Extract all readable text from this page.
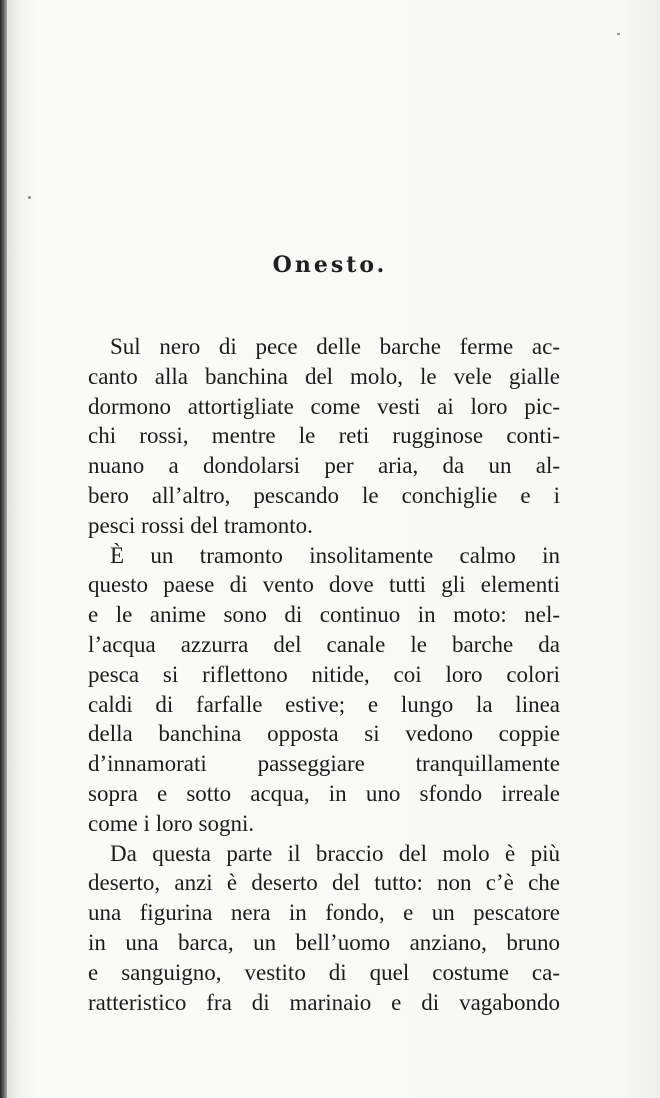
Onesto.
Sul nero di pece delle barche ferme ac-
canto alla banchina del molo, le vele gialle
dormono attortigliate come vesti ai loro pic-
chi rossi, mentre le reti rugginose conti-
nuano a dondolarsi per aria, da un al-
bero all’altro, pescando le conchiglie e i
pesci rossi del tramonto.
È un tramonto insolitamente calmo in
questo paese di vento dove tutti gli elementi
e le anime sono di continuo in moto: nel-
l’acqua azzurra del canale le barche da
pesca si riflettono nitide, coi loro colori
caldi di farfalle estive; e lungo la linea
della banchina opposta si vedono coppie
d’innamorati passeggiare tranquillamente
sopra e sotto acqua, in uno sfondo irreale
come i loro sogni.
Da questa parte il braccio del molo è più
deserto, anzi è deserto del tutto: non c’è che
una figurina nera in fondo, e un pescatore
in una barca, un bell’uomo anziano, bruno
e sanguigno, vestito di quel costume ca-
ratteristico fra di marinaio e di vagabondo
